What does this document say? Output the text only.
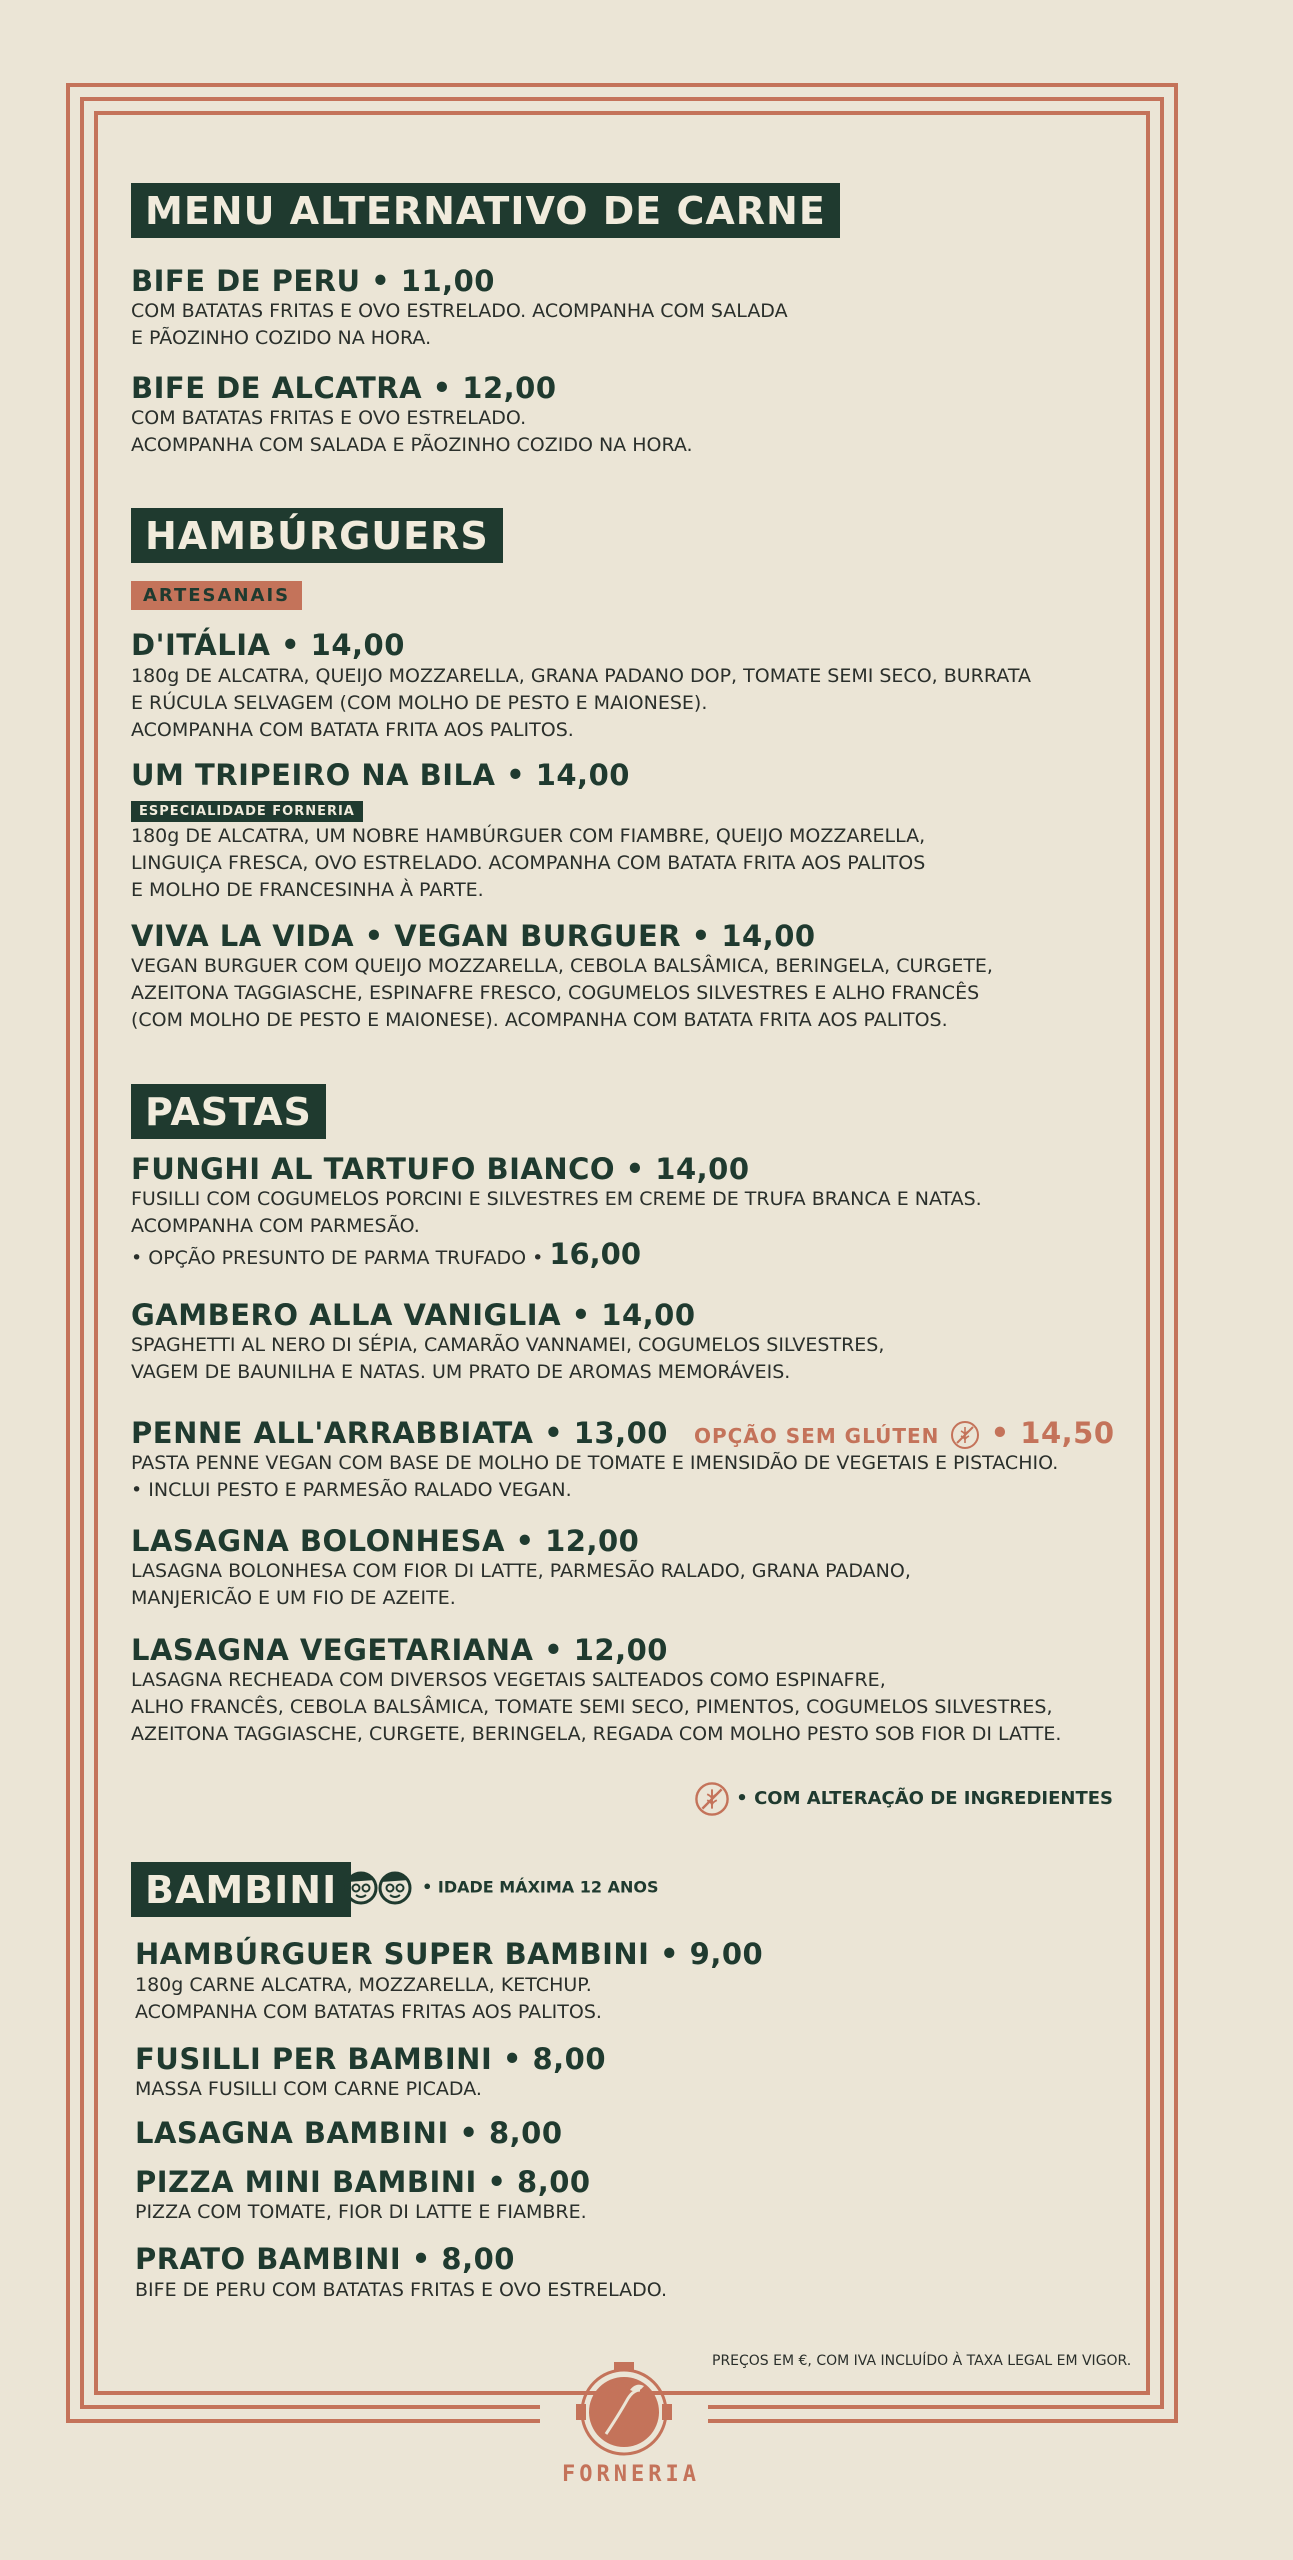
MENU ALTERNATIVO DE CARNE
BIFE DE PERU • 11,00
COM BATATAS FRITAS E OVO ESTRELADO. ACOMPANHA COM SALADA
E PÃOZINHO COZIDO NA HORA.
BIFE DE ALCATRA • 12,00
COM BATATAS FRITAS E OVO ESTRELADO.
ACOMPANHA COM SALADA E PÃOZINHO COZIDO NA HORA.
HAMBÚRGUERS
ARTESANAIS
D'ITÁLIA • 14,00
180g DE ALCATRA, QUEIJO MOZZARELLA, GRANA PADANO DOP, TOMATE SEMI SECO, BURRATA
E RÚCULA SELVAGEM (COM MOLHO DE PESTO E MAIONESE).
ACOMPANHA COM BATATA FRITA AOS PALITOS.
UM TRIPEIRO NA BILA • 14,00
ESPECIALIDADE FORNERIA
180g DE ALCATRA, UM NOBRE HAMBÚRGUER COM FIAMBRE, QUEIJO MOZZARELLA,
LINGUIÇA FRESCA, OVO ESTRELADO. ACOMPANHA COM BATATA FRITA AOS PALITOS
E MOLHO DE FRANCESINHA À PARTE.
VIVA LA VIDA • VEGAN BURGUER • 14,00
VEGAN BURGUER COM QUEIJO MOZZARELLA, CEBOLA BALSÂMICA, BERINGELA, CURGETE,
AZEITONA TAGGIASCHE, ESPINAFRE FRESCO, COGUMELOS SILVESTRES E ALHO FRANCÊS
(COM MOLHO DE PESTO E MAIONESE). ACOMPANHA COM BATATA FRITA AOS PALITOS.
PASTAS
FUNGHI AL TARTUFO BIANCO • 14,00
FUSILLI COM COGUMELOS PORCINI E SILVESTRES EM CREME DE TRUFA BRANCA E NATAS.
ACOMPANHA COM PARMESÃO.
• OPÇÃO PRESUNTO DE PARMA TRUFADO • 16,00
GAMBERO ALLA VANIGLIA • 14,00
SPAGHETTI AL NERO DI SÉPIA, CAMARÃO VANNAMEI, COGUMELOS SILVESTRES,
VAGEM DE BAUNILHA E NATAS. UM PRATO DE AROMAS MEMORÁVEIS.
PENNE ALL'ARRABBIATA • 13,00 OPÇÃO SEM GLÚTEN • 14,50
PASTA PENNE VEGAN COM BASE DE MOLHO DE TOMATE E IMENSIDÃO DE VEGETAIS E PISTACHIO.
• INCLUI PESTO E PARMESÃO RALADO VEGAN.
LASAGNA BOLONHESA • 12,00
LASAGNA BOLONHESA COM FIOR DI LATTE, PARMESÃO RALADO, GRANA PADANO,
MANJERICÃO E UM FIO DE AZEITE.
LASAGNA VEGETARIANA • 12,00
LASAGNA RECHEADA COM DIVERSOS VEGETAIS SALTEADOS COMO ESPINAFRE,
ALHO FRANCÊS, CEBOLA BALSÂMICA, TOMATE SEMI SECO, PIMENTOS, COGUMELOS SILVESTRES,
AZEITONA TAGGIASCHE, CURGETE, BERINGELA, REGADA COM MOLHO PESTO SOB FIOR DI LATTE.
• COM ALTERAÇÃO DE INGREDIENTES
BAMBINI	• IDADE MÁXIMA 12 ANOS
HAMBÚRGUER SUPER BAMBINI • 9,00
180g CARNE ALCATRA, MOZZARELLA, KETCHUP.
ACOMPANHA COM BATATAS FRITAS AOS PALITOS.
FUSILLI PER BAMBINI • 8,00
MASSA FUSILLI COM CARNE PICADA.
LASAGNA BAMBINI • 8,00
PIZZA MINI BAMBINI • 8,00
PIZZA COM TOMATE, FIOR DI LATTE E FIAMBRE.
PRATO BAMBINI • 8,00
BIFE DE PERU COM BATATAS FRITAS E OVO ESTRELADO.
PREÇOS EM €, COM IVA INCLUÍDO À TAXA LEGAL EM VIGOR.
FORNERIA
